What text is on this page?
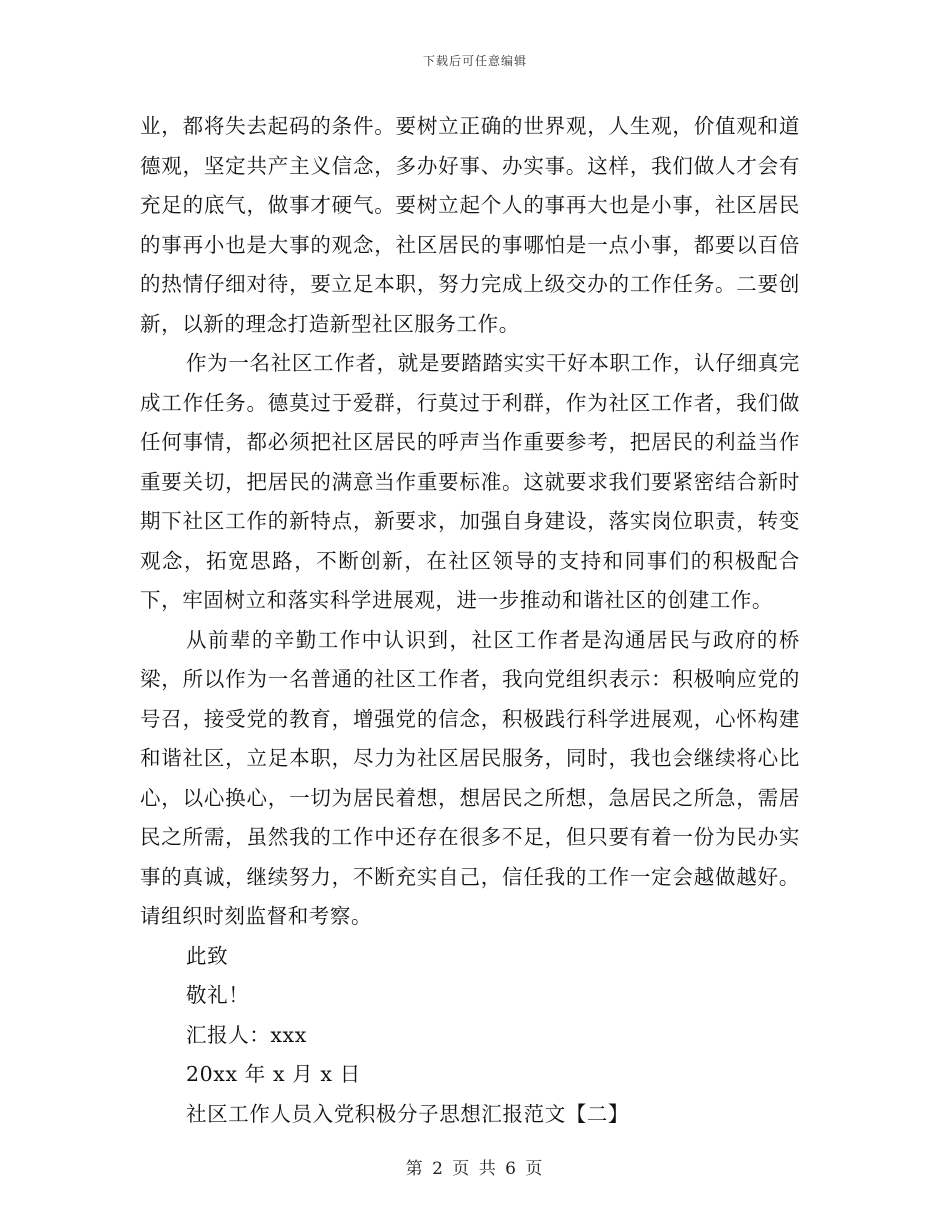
下载后可任意编辑

业，都将失去起码的条件。要树立正确的世界观，人生观，价值观和道德观，坚定共产主义信念，多办好事、办实事。这样，我们做人才会有充足的底气，做事才硬气。要树立起个人的事再大也是小事，社区居民的事再小也是大事的观念，社区居民的事哪怕是一点小事，都要以百倍的热情仔细对待，要立足本职，努力完成上级交办的工作任务。二要创新，以新的理念打造新型社区服务工作。

作为一名社区工作者，就是要踏踏实实干好本职工作，认仔细真完成工作任务。德莫过于爱群，行莫过于利群，作为社区工作者，我们做任何事情，都必须把社区居民的呼声当作重要参考，把居民的利益当作重要关切，把居民的满意当作重要标准。这就要求我们要紧密结合新时期下社区工作的新特点，新要求，加强自身建设，落实岗位职责，转变观念，拓宽思路，不断创新，在社区领导的支持和同事们的积极配合下，牢固树立和落实科学进展观，进一步推动和谐社区的创建工作。

从前辈的辛勤工作中认识到，社区工作者是沟通居民与政府的桥梁，所以作为一名普通的社区工作者，我向党组织表示：积极响应党的号召，接受党的教育，增强党的信念，积极践行科学进展观，心怀构建和谐社区，立足本职，尽力为社区居民服务，同时，我也会继续将心比心，以心换心，一切为居民着想，想居民之所想，急居民之所急，需居民之所需，虽然我的工作中还存在很多不足，但只要有着一份为民办实事的真诚，继续努力，不断充实自己，信任我的工作一定会越做越好。请组织时刻监督和考察。

此致

敬礼！

汇报人：xxx

20xx 年 x 月 x 日

社区工作人员入党积极分子思想汇报范文【二】

第 2 页 共 6 页
